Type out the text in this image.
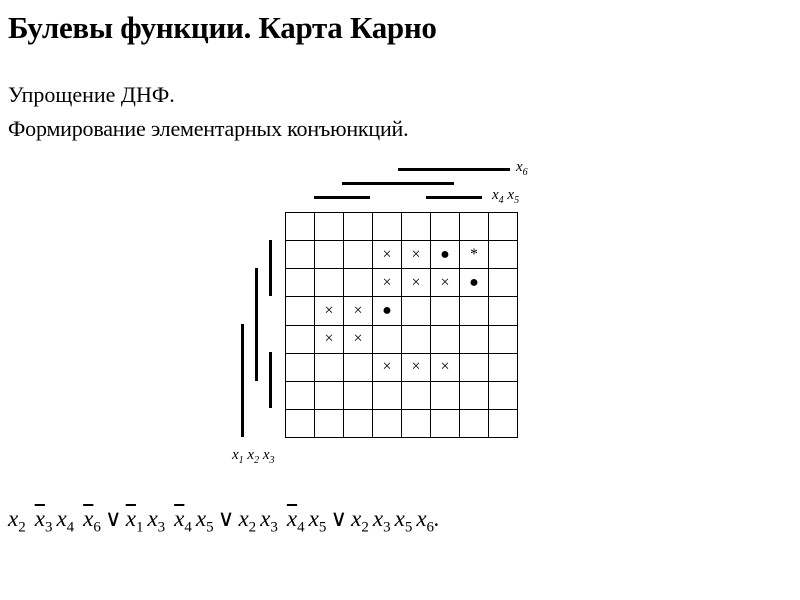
Булевы функции. Карта Карно
Упрощение ДНФ.
Формирование элементарных конъюнкций.
$x_6$
$x_4$ $x_5$
$x_1$ $x_2$ $x_3$

			×	×	●	*	
			×	×	×	●	
	×	×	●				
	×	×					
			×	×	×		

$x_2$ $\overline{x}_3$ $x_4$ $\overline{x}_6$ ∨ $\overline{x}_1$ $x_3$ $\overline{x}_4$ $x_5$ ∨ $x_2$ $x_3$ $\overline{x}_4$ $x_5$ ∨ $x_2$ $x_3$ $x_5$ $x_6$.
